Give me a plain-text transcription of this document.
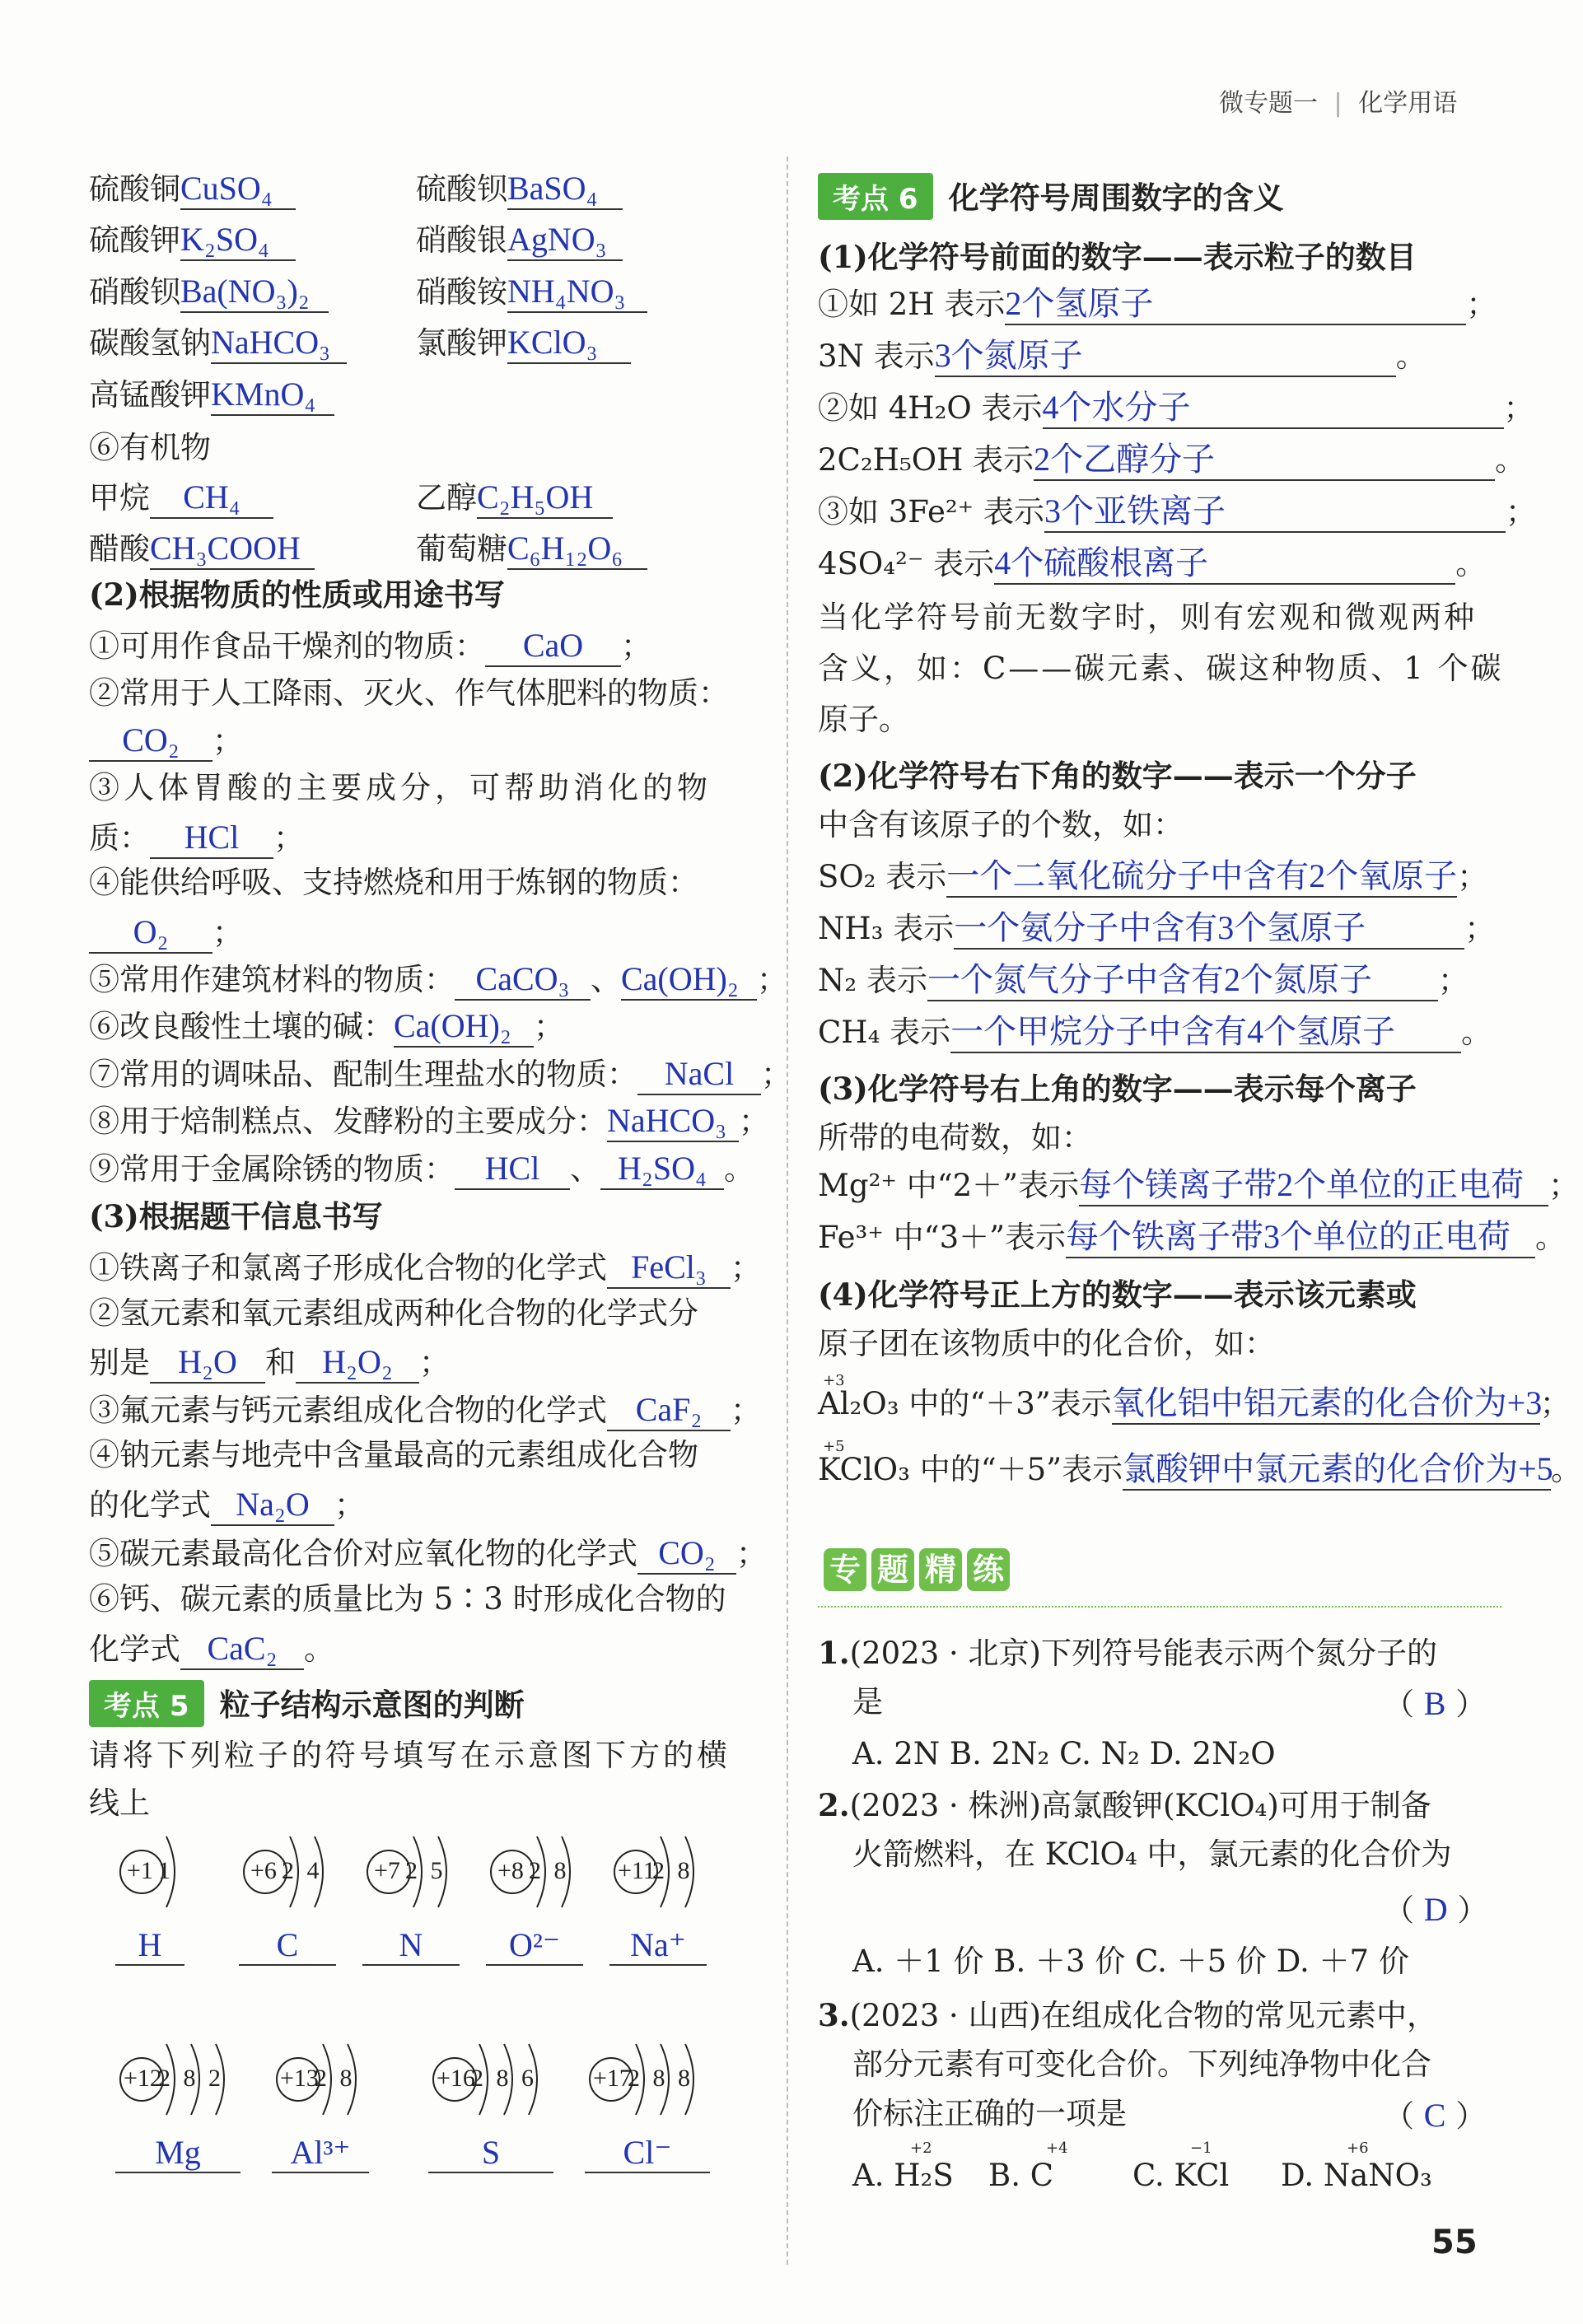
微专题一 | 化学用语
硫酸铜CuSO₄	硫酸钡BaSO₄
硫酸钾K₂SO₄	硝酸银AgNO₃
硝酸钡Ba(NO₃)₂	硝酸铵NH₄NO₃
碳酸氢钠NaHCO₃	氯酸钾KClO₃
高锰酸钾KMnO₄
⑥有机物
甲烷 CH₄	乙醇C₂H₅OH
醋酸CH₃COOH	葡萄糖C₆H₁₂O₆
(2)根据物质的性质或用途书写
①可用作食品干燥剂的物质： CaO ；
②常用于人工降雨、灭火、作气体肥料的物质：
CO₂ ；
③人体胃酸的主要成分，可帮助消化的物
质： HCl ；
④能供给呼吸、支持燃烧和用于炼钢的物质：
O₂ ；
⑤常用作建筑材料的物质： CaCO₃ 、Ca(OH)₂ ；
⑥改良酸性土壤的碱：Ca(OH)₂ ；
⑦常用的调味品、配制生理盐水的物质： NaCl ；
⑧用于焙制糕点、发酵粉的主要成分：NaHCO₃ ；
⑨常用于金属除锈的物质： HCl 、 H₂SO₄ 。
(3)根据题干信息书写
①铁离子和氯离子形成化合物的化学式 FeCl₃ ；
②氢元素和氧元素组成两种化合物的化学式分
别是 H₂O 和 H₂O₂ ；
③氟元素与钙元素组成化合物的化学式 CaF₂ ；
④钠元素与地壳中含量最高的元素组成化合物
的化学式 Na₂O ；
⑤碳元素最高化合价对应氧化物的化学式 CO₂ ；
⑥钙、碳元素的质量比为 5∶3 时形成化合物的
化学式 CaC₂ 。
考点 5 粒子结构示意图的判断
请将下列粒子的符号填写在示意图下方的横
线上
+1 1
H
+6 2 4
C
+7 2 5
N
+8 2 8
O²⁻
+11
2 8
Na⁺
+12
2 8 2
Mg
+13
2 8
Al³⁺
+16
2 8 6
S
+17
2 8 8
Cl⁻
考点 6 化学符号周围数字的含义
(1)化学符号前面的数字——表示粒子的数目
①如 2H 表示2个氢原子	；
3N 表示3个氮原子	。
②如 4H₂O 表示4个水分子	；
2C₂H₅OH 表示2个乙醇分子	。
③如 3Fe²⁺ 表示3个亚铁离子	；
4SO₄²⁻ 表示4个硫酸根离子	。
当化学符号前无数字时，则有宏观和微观两种
含义，如：C——碳元素、碳这种物质、1 个碳
原子。
(2)化学符号右下角的数字——表示一个分子
中含有该原子的个数，如：
SO₂ 表示一个二氧化硫分子中含有2个氧原子；
NH₃ 表示一个氨分子中含有3个氢原子	；
N₂ 表示一个氮气分子中含有2个氮原子 ；
CH₄ 表示一个甲烷分子中含有4个氢原子 。
(3)化学符号右上角的数字——表示每个离子
所带的电荷数，如：
Mg²⁺ 中“2＋”表示每个镁离子带2个单位的正电荷 ；
Fe³⁺ 中“3＋”表示每个铁离子带3个单位的正电荷 。
(4)化学符号正上方的数字——表示该元素或
原子团在该物质中的化合价，如：
+3
Al₂O₃ 中的“＋3”表示氧化铝中铝元素的化合价为+3；
+5
KClO₃ 中的“＋5”表示氯酸钾中氯元素的化合价为+5。
专 题 精 练
1.(2023 · 北京)下列符号能表示两个氮分子的
是	（ B ）
A. 2N B. 2N₂ C. N₂ D. 2N₂O
2.(2023 · 株洲)高氯酸钾(KClO₄)可用于制备
火箭燃料，在 KClO₄ 中，氯元素的化合价为
（ D ）
A. ＋1 价 B. ＋3 价 C. ＋5 价 D. ＋7 价
3.(2023 · 山西)在组成化合物的常见元素中，
部分元素有可变化合价。下列纯净物中化合
价标注正确的一项是	（ C ）
A. H₂S
+2
B. C
+4
C. KCl
−1
D. NaNO₃
+6
55
